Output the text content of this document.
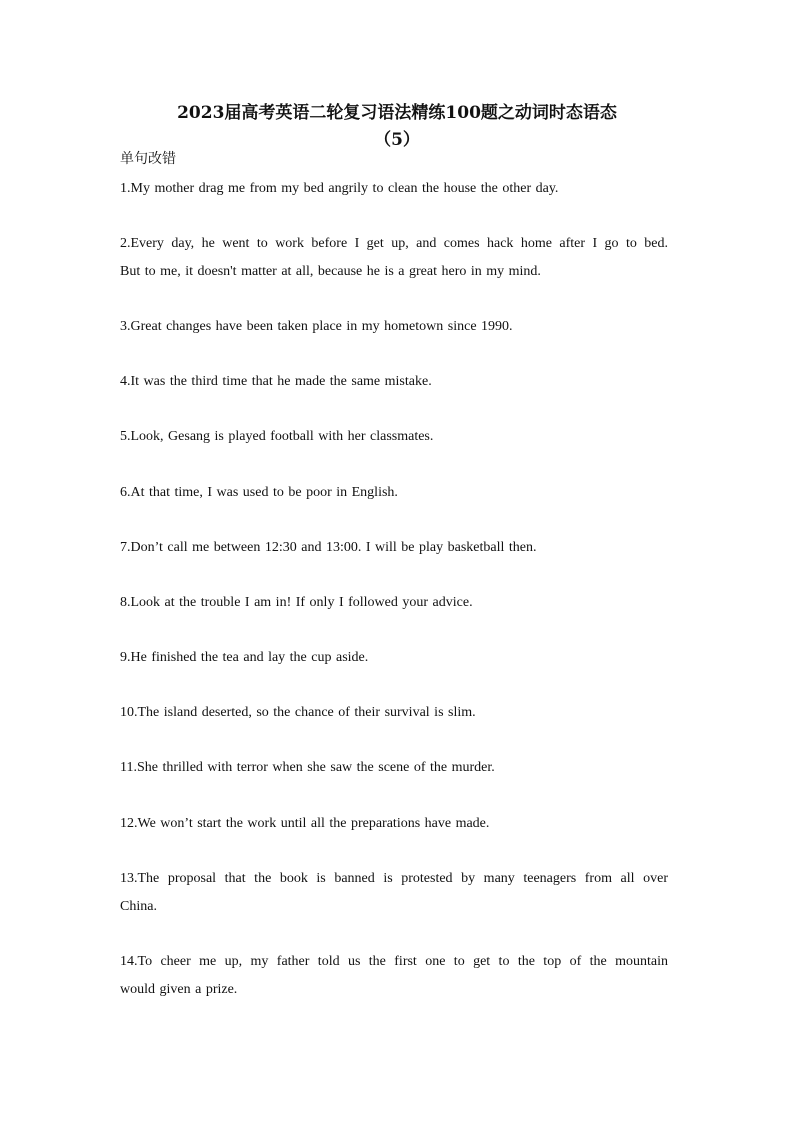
2023届高考英语二轮复习语法精练100题之动词时态语态
（5）
单句改错
1.My mother drag me from my bed angrily to clean the house the other day.
2.Every day, he went to work before I get up, and comes hack home after I go to bed.
But to me, it doesn't matter at all, because he is a great hero in my mind.
3.Great changes have been taken place in my hometown since 1990.
4.It was the third time that he made the same mistake.
5.Look, Gesang is played football with her classmates.
6.At that time, I was used to be poor in English.
7.Don’t call me between 12:30 and 13:00. I will be play basketball then.
8.Look at the trouble I am in! If only I followed your advice.
9.He finished the tea and lay the cup aside.
10.The island deserted, so the chance of their survival is slim.
11.She thrilled with terror when she saw the scene of the murder.
12.We won’t start the work until all the preparations have made.
13.The proposal that the book is banned is protested by many teenagers from all over
China.
14.To cheer me up, my father told us the first one to get to the top of the mountain
would given a prize.
